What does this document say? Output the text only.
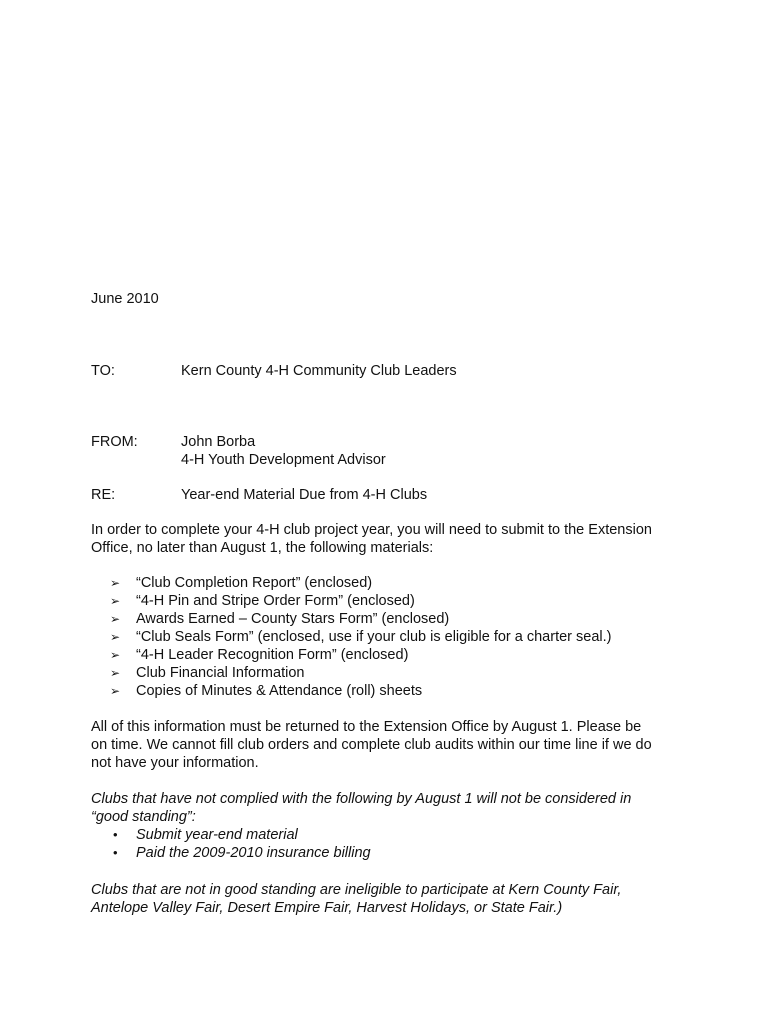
June 2010
TO:	Kern County 4-H Community Club Leaders
FROM:	John Borba
4-H Youth Development Advisor
RE:	Year-end Material Due from 4-H Clubs
In order to complete your 4-H club project year, you will need to submit to the Extension
Office, no later than August 1, the following materials:
➢ “Club Completion Report” (enclosed)
➢ “4-H Pin and Stripe Order Form” (enclosed)
➢ Awards Earned – County Stars Form” (enclosed)
➢ “Club Seals Form” (enclosed, use if your club is eligible for a charter seal.)
➢ “4-H Leader Recognition Form” (enclosed)
➢ Club Financial Information
➢ Copies of Minutes & Attendance (roll) sheets
All of this information must be returned to the Extension Office by August 1. Please be
on time. We cannot fill club orders and complete club audits within our time line if we do
not have your information.
Clubs that have not complied with the following by August 1 will not be considered in
“good standing”:
• Submit year-end material
• Paid the 2009-2010 insurance billing
Clubs that are not in good standing are ineligible to participate at Kern County Fair,
Antelope Valley Fair, Desert Empire Fair, Harvest Holidays, or State Fair.)
